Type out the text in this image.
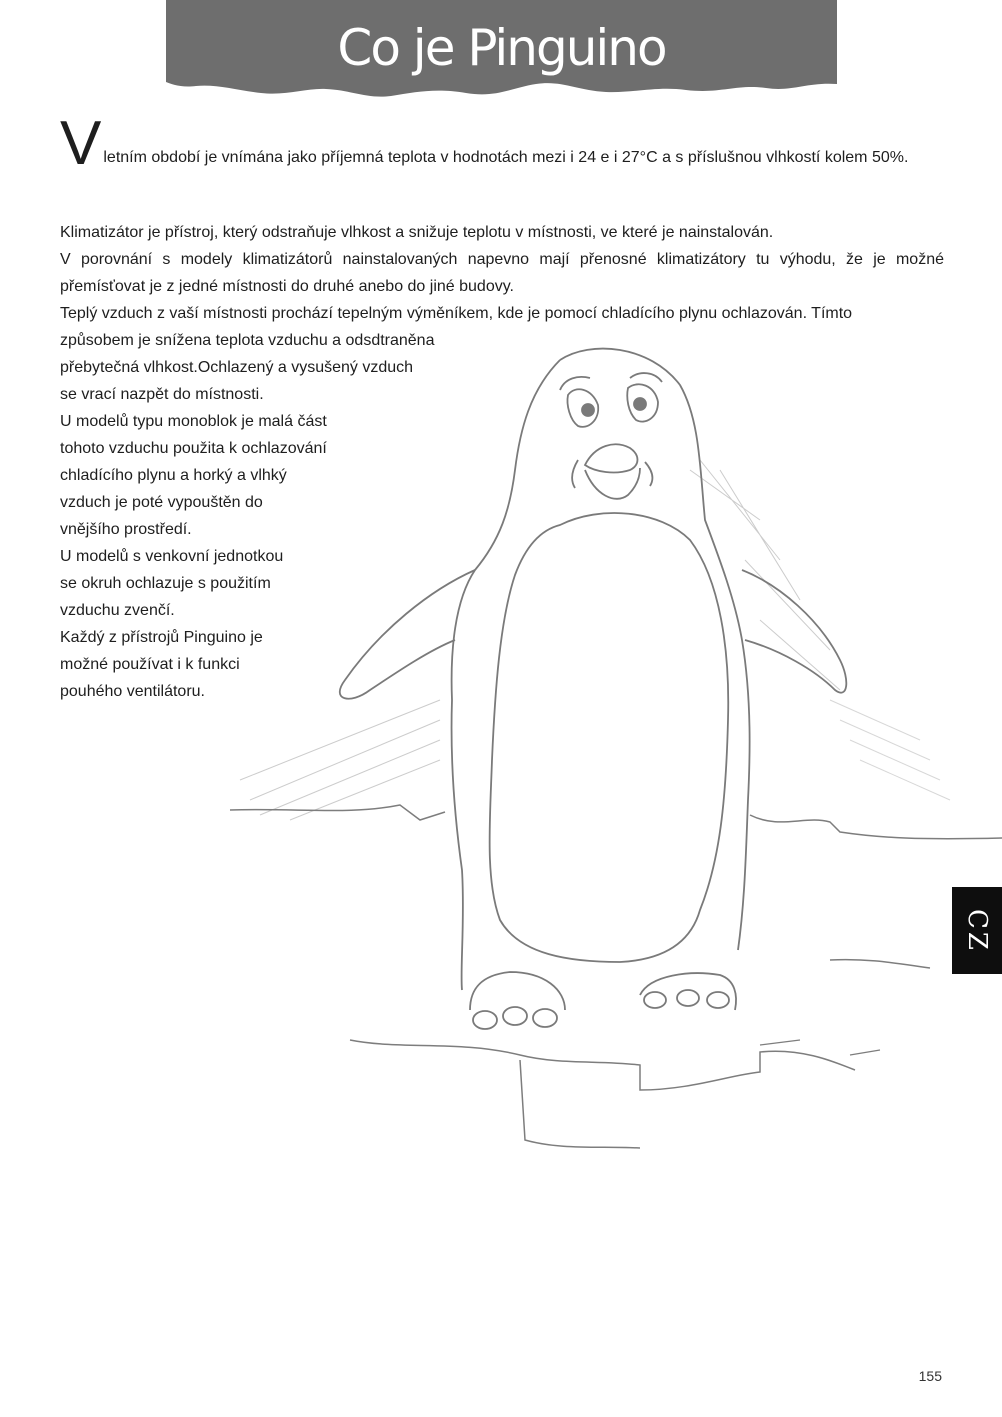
Co je Pinguino
V letním období je vnímána jako příjemná teplota v hodnotách mezi i 24 e i 27°C a s příslušnou vlhkostí kolem 50%.
Klimatizátor je přístroj, který odstraňuje vlhkost a snižuje teplotu v místnosti, ve které je nainstalován.
V porovnání s modely klimatizátorů nainstalovaných napevno mají přenosné klimatizátory tu výhodu, že je možné přemísťovat je z jedné místnosti do druhé anebo do jiné budovy.
Teplý vzduch z vaší místnosti prochází tepelným výměníkem, kde je pomocí chladícího plynu ochlazován. Tímto
způsobem je snížena teplota vzduchu a odsdtraněna
přebytečná vlhkost.Ochlazený a vysušený vzduch
se vrací nazpět do místnosti.
U modelů typu monoblok je malá část
tohoto vzduchu použita k ochlazování
chladícího plynu a horký a vlhký
vzduch je poté vypouštěn do
vnějšího prostředí.
U modelů s venkovní jednotkou
se okruh ochlazuje s použitím
vzduchu zvenčí.
Každý z přístrojů Pinguino je
možné používat i k funkci
pouhého ventilátoru.
CZ
155
